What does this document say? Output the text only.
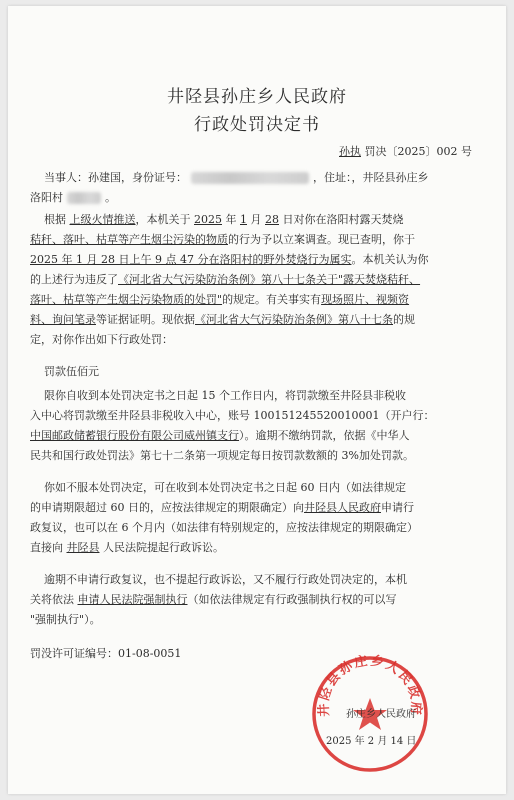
井陉县孙庄乡人民政府
行政处罚决定书
孙执 罚决〔2025〕002 号
当事人：孙建国，身份证号：	，住址：，井陉县孙庄乡
洛阳村	。
根据 上级火情推送，本机关于 2025 年 1 月 28 日对你在洛阳村露天焚烧
秸秆、落叶、枯草等产生烟尘污染的物质的行为予以立案调查。现已查明，你于
2025 年 1 月 28 日上午 9 点 47 分在洛阳村的野外焚烧行为属实。本机关认为你
的上述行为违反了《河北省大气污染防治条例》第八十七条关于"露天焚烧秸秆、
落叶、枯草等产生烟尘污染物质的处罚"的规定。有关事实有现场照片、视频资
料、询问笔录等证据证明。现依据《河北省大气污染防治条例》第八十七条的规
定，对你作出如下行政处罚：
罚款伍佰元
限你自收到本处罚决定书之日起 15 个工作日内，将罚款缴至井陉县非税收
入中心将罚款缴至井陉县非税收入中心，账号 100151245520010001（开户行：
中国邮政储蓄银行股份有限公司威州镇支行）。逾期不缴纳罚款，依据《中华人
民共和国行政处罚法》第七十二条第一项规定每日按罚款数额的 3%加处罚款。
你如不服本处罚决定，可在收到本处罚决定书之日起 60 日内（如法律规定
的申请期限超过 60 日的，应按法律规定的期限确定）向井陉县人民政府申请行
政复议，也可以在 6 个月内（如法律有特别规定的，应按法律规定的期限确定）
直接向 井陉县 人民法院提起行政诉讼。
逾期不申请行政复议，也不提起行政诉讼，又不履行行政处罚决定的，本机
关将依法 申请人民法院强制执行（如依法律规定有行政强制执行权的可以写
"强制执行"）。
罚没许可证编号：01-08-0051
井陉县孙庄乡人民政府
孙庄乡人民政府
2025 年 2 月 14 日
